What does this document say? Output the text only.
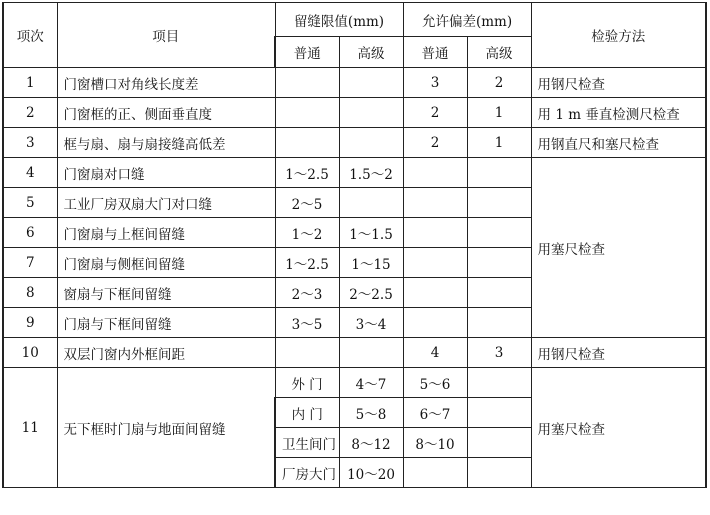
项次	项目	留缝限值(mm)		允许偏差(mm)		检验方法
		普通	高级	普通	高级	
1	门窗槽口对角线长度差			3	2	用钢尺检查
2	门窗框的正、侧面垂直度			2	1	用 1 m 垂直检测尺检查
3	框与扇、扇与扇接缝高低差			2	1	用钢直尺和塞尺检查
4	门窗扇对口缝	1～2.5	1.5～2			用塞尺检查
5	工业厂房双扇大门对口缝	2～5				
6	门窗扇与上框间留缝	1～2	1～1.5			
7	门窗扇与侧框间留缝	1～2.5	1～15			
8	窗扇与下框间留缝	2～3	2～2.5			
9	门扇与下框间留缝	3～5	3～4			
10	双层门窗内外框间距			4	3	用钢尺检查
11	无下框时门扇与地面间留缝	外 门	4～7	5～6		用塞尺检查
		内 门	5～8	6～7		
		卫生间门	8～12	8～10		
		厂房大门	10～20			
